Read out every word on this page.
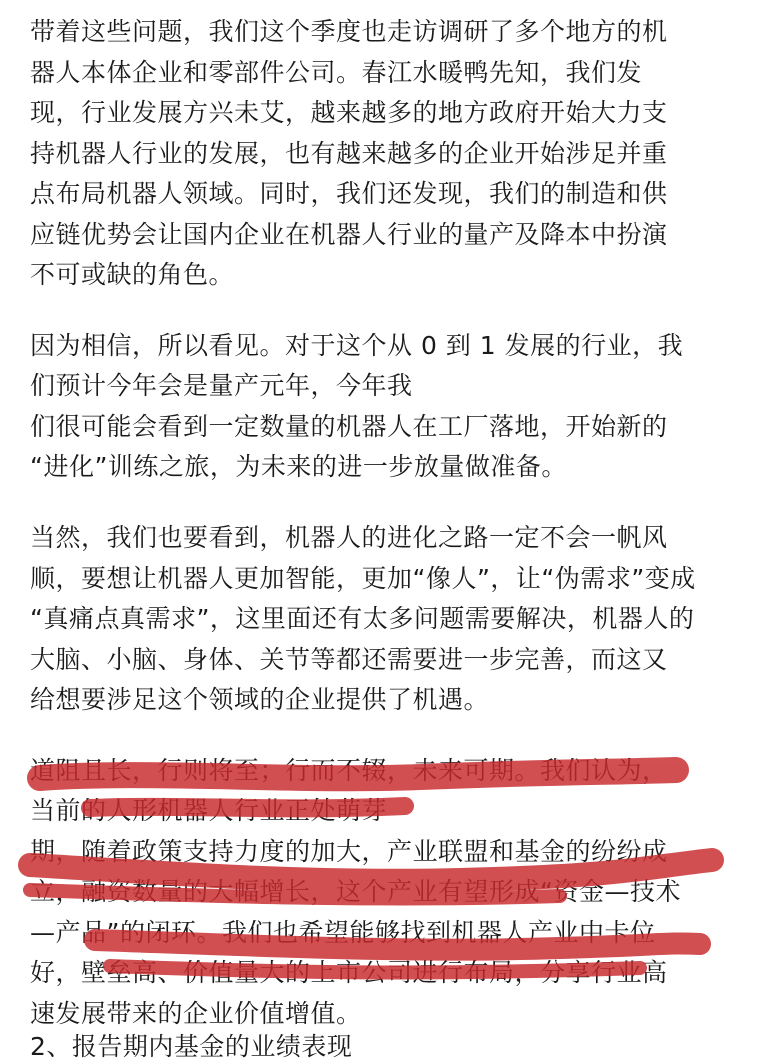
带着这些问题，我们这个季度也走访调研了多个地方的机
器人本体企业和零部件公司。春江水暖鸭先知，我们发
现，行业发展方兴未艾，越来越多的地方政府开始大力支
持机器人行业的发展，也有越来越多的企业开始涉足并重
点布局机器人领域。同时，我们还发现，我们的制造和供
应链优势会让国内企业在机器人行业的量产及降本中扮演
不可或缺的角色。
因为相信，所以看见。对于这个从 0 到 1 发展的行业，我
们预计今年会是量产元年，今年我
们很可能会看到一定数量的机器人在工厂落地，开始新的
“进化”训练之旅，为未来的进一步放量做准备。
当然，我们也要看到，机器人的进化之路一定不会一帆风
顺，要想让机器人更加智能，更加“像人”，让“伪需求”变成
“真痛点真需求”，这里面还有太多问题需要解决，机器人的
大脑、小脑、身体、关节等都还需要进一步完善，而这又
给想要涉足这个领域的企业提供了机遇。
道阻且长，行则将至；行而不辍，未来可期。我们认为，
当前的人形机器人行业正处萌芽
期，随着政策支持力度的加大，产业联盟和基金的纷纷成
立，融资数量的大幅增长，这个产业有望形成“资金—技术
—产品”的闭环。我们也希望能够找到机器人产业中卡位
好，壁垒高、价值量大的上市公司进行布局，分享行业高
速发展带来的企业价值增值。
2、报告期内基金的业绩表现
